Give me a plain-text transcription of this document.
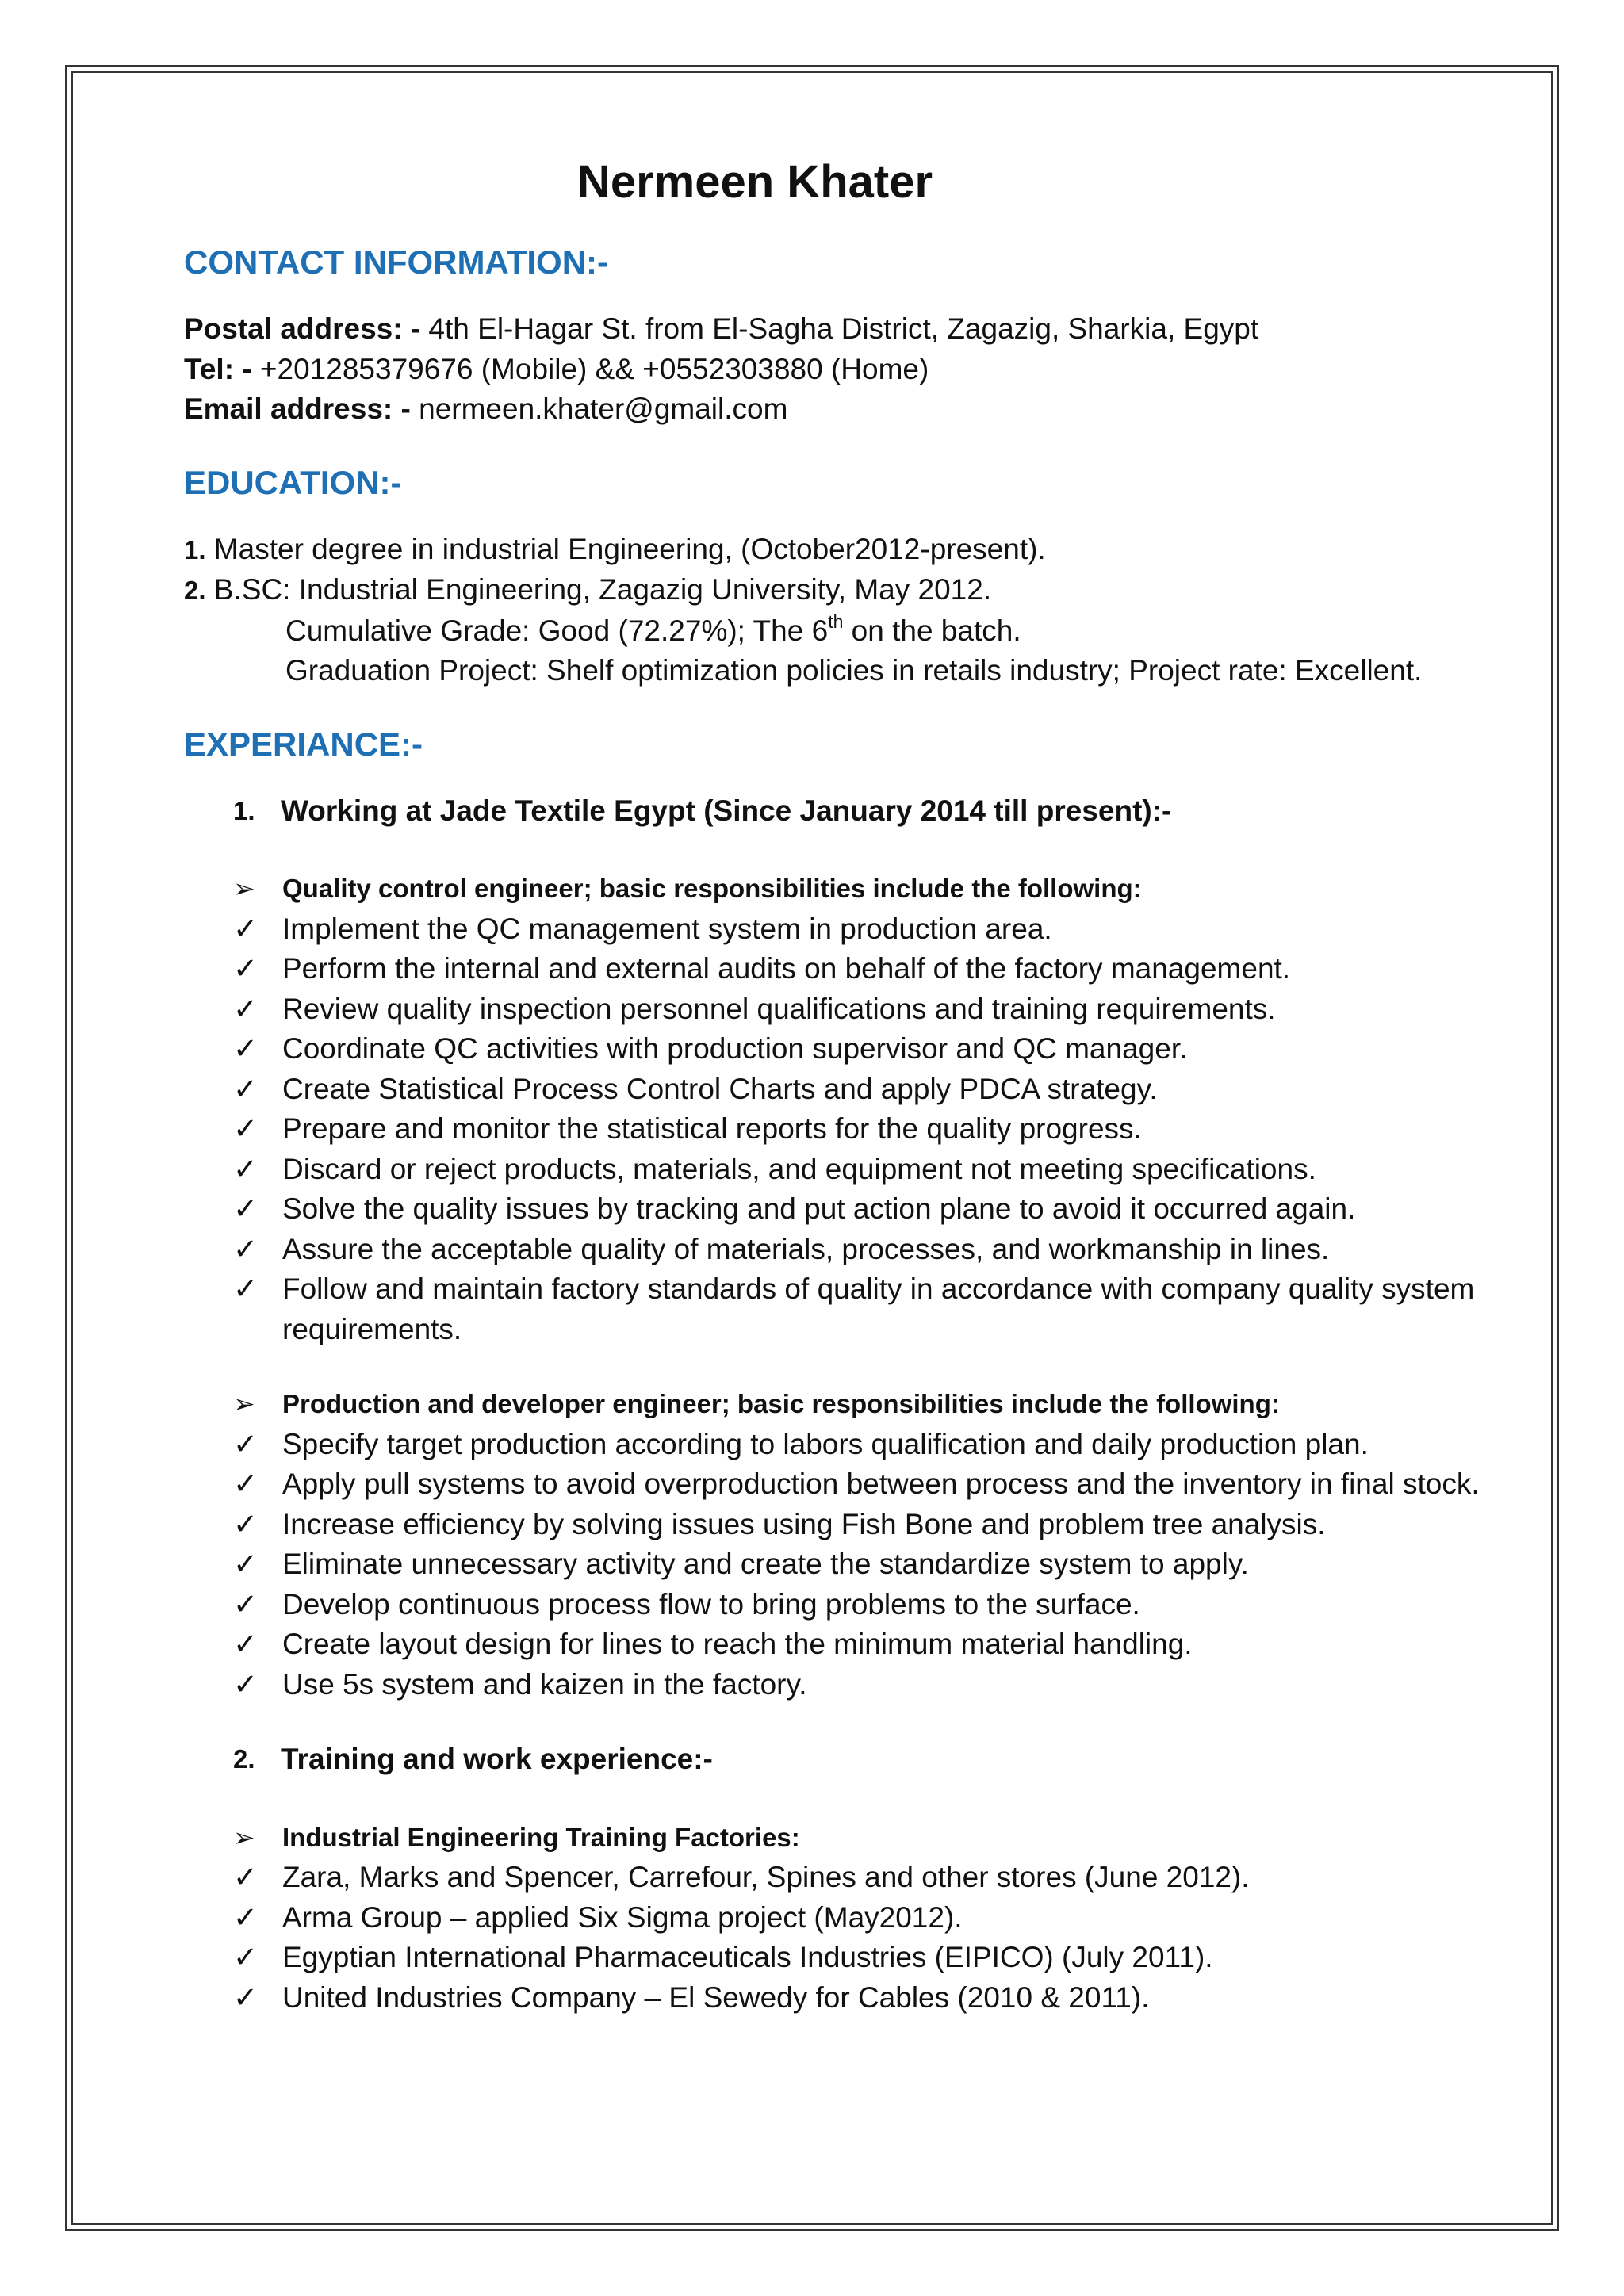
Nermeen Khater
CONTACT INFORMATION:-

Postal address: - 4th El-Hagar St. from El-Sagha District, Zagazig, Sharkia, Egypt

Tel: - +201285379676 (Mobile) && +0552303880 (Home)

Email address: - nermeen.khater@gmail.com

EDUCATION:-

1. Master degree in industrial Engineering, (October2012-present).

2. B.SC: Industrial Engineering, Zagazig University, May 2012.

Cumulative Grade: Good (72.27%); The 6th on the batch.

Graduation Project: Shelf optimization policies in retails industry; Project rate: Excellent.

EXPERIANCE:-

1. Working at Jade Textile Egypt (Since January 2014 till present):-

➢ Quality control engineer; basic responsibilities include the following:

✓ Implement the QC management system in production area.
✓ Perform the internal and external audits on behalf of the factory management.
✓ Review quality inspection personnel qualifications and training requirements.
✓ Coordinate QC activities with production supervisor and QC manager.
✓ Create Statistical Process Control Charts and apply PDCA strategy.
✓ Prepare and monitor the statistical reports for the quality progress.
✓ Discard or reject products, materials, and equipment not meeting specifications.
✓ Solve the quality issues by tracking and put action plane to avoid it occurred again.
✓ Assure the acceptable quality of materials, processes, and workmanship in lines.
✓ Follow and maintain factory standards of quality in accordance with company quality system requirements.

➢ Production and developer engineer; basic responsibilities include the following:

✓ Specify target production according to labors qualification and daily production plan.
✓ Apply pull systems to avoid overproduction between process and the inventory in final stock.
✓ Increase efficiency by solving issues using Fish Bone and problem tree analysis.
✓ Eliminate unnecessary activity and create the standardize system to apply.
✓ Develop continuous process flow to bring problems to the surface.
✓ Create layout design for lines to reach the minimum material handling.
✓ Use 5s system and kaizen in the factory.

2. Training and work experience:-

➢ Industrial Engineering Training Factories:

✓ Zara, Marks and Spencer, Carrefour, Spines and other stores (June 2012).
✓ Arma Group – applied Six Sigma project (May2012).
✓ Egyptian International Pharmaceuticals Industries (EIPICO) (July 2011).
✓ United Industries Company – El Sewedy for Cables (2010 & 2011).
